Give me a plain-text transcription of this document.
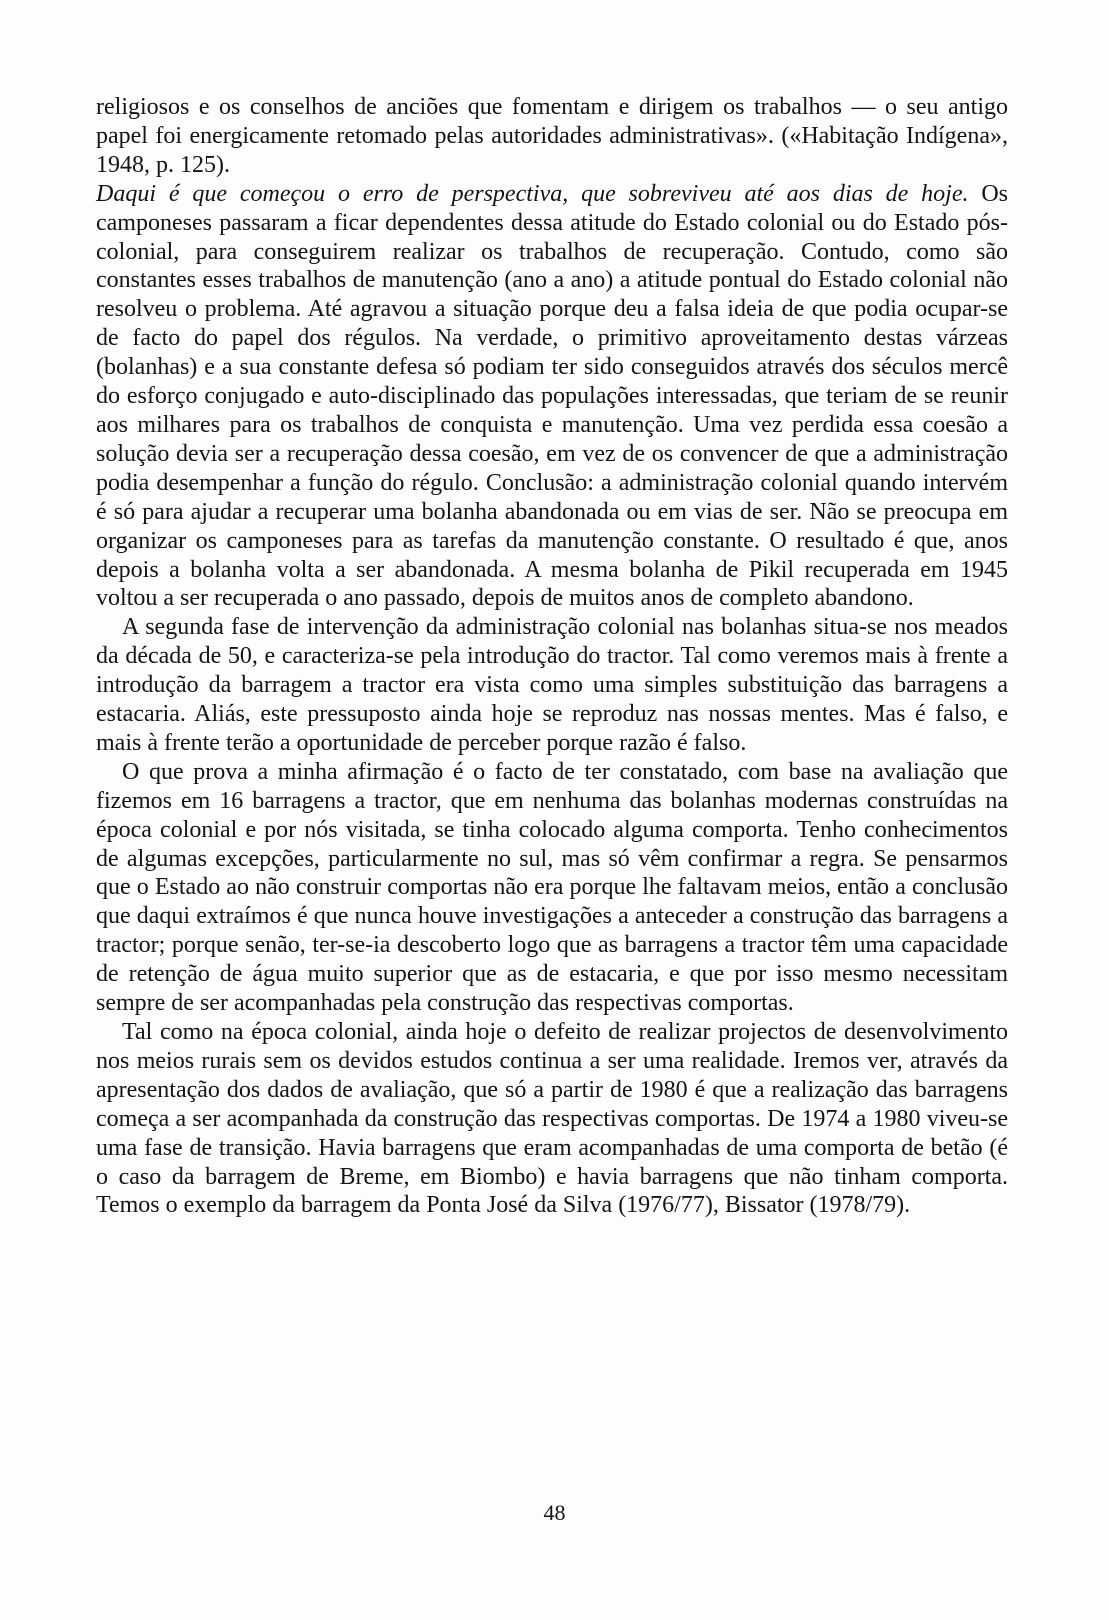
religiosos e os conselhos de anciões que fomentam e dirigem os trabalhos — o seu antigo papel foi energicamente retomado pelas autoridades administrativas». («Habitação Indígena», 1948, p. 125).

Daqui é que começou o erro de perspectiva, que sobreviveu até aos dias de hoje. Os camponeses passaram a ficar dependentes dessa atitude do Estado colonial ou do Estado pós-colonial, para conseguirem realizar os trabalhos de recuperação. Contudo, como são constantes esses trabalhos de manutenção (ano a ano) a atitude pontual do Estado colonial não resolveu o problema. Até agravou a situação porque deu a falsa ideia de que podia ocupar-se de facto do papel dos régulos. Na verdade, o primitivo aproveitamento destas várzeas (bolanhas) e a sua constante defesa só podiam ter sido conseguidos através dos séculos mercê do esforço conjugado e auto-disciplinado das populações interessadas, que teriam de se reunir aos milhares para os trabalhos de conquista e manutenção. Uma vez perdida essa coesão a solução devia ser a recuperação dessa coesão, em vez de os convencer de que a administração podia desempenhar a função do régulo. Conclusão: a administração colonial quando intervém é só para ajudar a recuperar uma bolanha abandonada ou em vias de ser. Não se preocupa em organizar os camponeses para as tarefas da manutenção constante. O resultado é que, anos depois a bolanha volta a ser abandonada. A mesma bolanha de Pikil recuperada em 1945 voltou a ser recuperada o ano passado, depois de muitos anos de completo abandono.

A segunda fase de intervenção da administração colonial nas bolanhas situa-se nos meados da década de 50, e caracteriza-se pela introdução do tractor. Tal como veremos mais à frente a introdução da barragem a tractor era vista como uma simples substituição das barragens a estacaria. Aliás, este pressuposto ainda hoje se reproduz nas nossas mentes. Mas é falso, e mais à frente terão a oportunidade de perceber porque razão é falso.

O que prova a minha afirmação é o facto de ter constatado, com base na avaliação que fizemos em 16 barragens a tractor, que em nenhuma das bolanhas modernas construídas na época colonial e por nós visitada, se tinha colocado alguma comporta. Tenho conhecimentos de algumas excepções, particularmente no sul, mas só vêm confirmar a regra. Se pensarmos que o Estado ao não construir comportas não era porque lhe faltavam meios, então a conclusão que daqui extraímos é que nunca houve investigações a anteceder a construção das barragens a tractor; porque senão, ter-se-ia descoberto logo que as barragens a tractor têm uma capacidade de retenção de água muito superior que as de estacaria, e que por isso mesmo necessitam sempre de ser acompanhadas pela construção das respectivas comportas.

Tal como na época colonial, ainda hoje o defeito de realizar projectos de desenvolvimento nos meios rurais sem os devidos estudos continua a ser uma realidade. Iremos ver, através da apresentação dos dados de avaliação, que só a partir de 1980 é que a realização das barragens começa a ser acompanhada da construção das respectivas comportas. De 1974 a 1980 viveu-se uma fase de transição. Havia barragens que eram acompanhadas de uma comporta de betão (é o caso da barragem de Breme, em Biombo) e havia barragens que não tinham comporta. Temos o exemplo da barragem da Ponta José da Silva (1976/77), Bissator (1978/79).

48
